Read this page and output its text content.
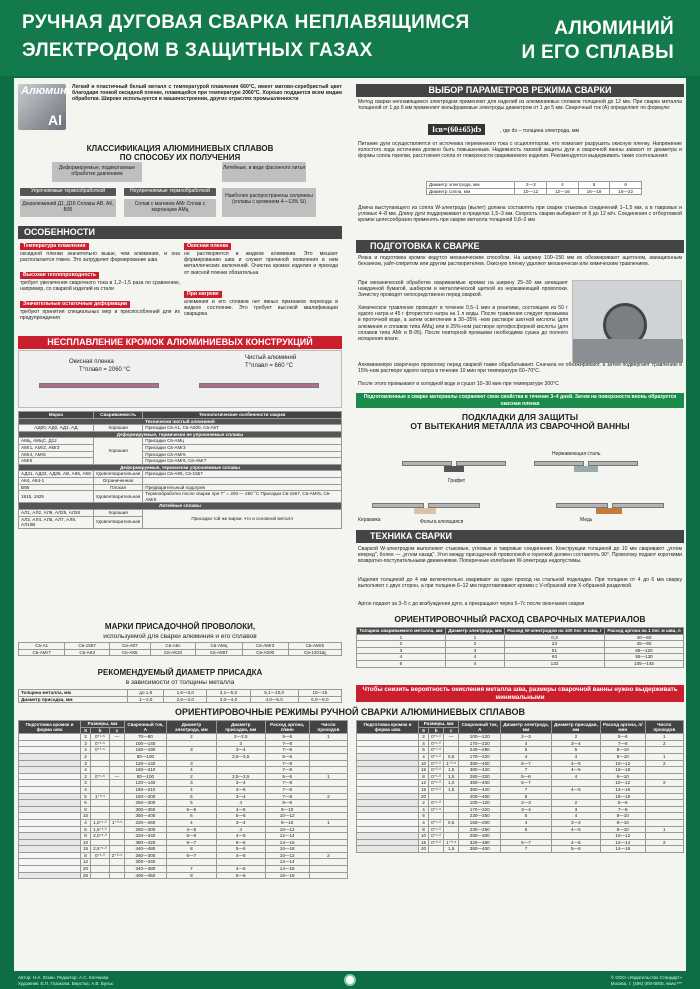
РУЧНАЯ ДУГОВАЯ СВАРКА НЕПЛАВЯЩИМСЯ
ЭЛЕКТРОДОМ В ЗАЩИТНЫХ ГАЗАХ
АЛЮМИНИЙ
И ЕГО СПЛАВЫ
Алюминий
Al
Легкий и пластичный белый металл с температурой плавления 660°С, имеет матово-серебристый цвет благодаря тонкой оксидной пленке, плавящейся при температуре 2060°С. Хорошо поддается всем видам обработки. Широко используется в машиностроении, других отраслях промышленности
КЛАССИФИКАЦИЯ АЛЮМИНИЕВЫХ СПЛАВОВ
ПО СПОСОБУ ИХ ПОЛУЧЕНИЯ
Деформируемые, подвергаемые обработке давлением
Литейные, в виде фасонного литья
Упрочняемые термообработкой	Неупрочняемые термообработкой
Дюралюминий Д1, Д16 Сплавы АВ, АК, В95
Сплав с магнием АМг Сплав с марганцем АМц
Наиболее распространены силумины (сплавы с кремнием 4—13% Si)
ОСОБЕННОСТИ
Температура плавления
оксидной пленки значительно выше, чем алюминия, и она располагается тяжее. Это затрудняет формирование шва
Высокая теплопроводность
требует увеличения сварочного тока в 1,2–1,5 раза по сравнению, например, со сваркой изделий из стали
Значительные остаточные деформации
требуют принятия специальных мер и приспособлений для их предупреждения
Окисная пленка
не растворяется в жидком алюминии. Это мешает формированию шва и служит причиной появления в нем металлических включений. Очистка кромок изделия и прихода от окисной пленки обязательна
При нагреве
алюминия и его сплавов нет явных признаков перехода в жидкое состояние. Это требует высокой квалификации сварщика
НЕСПЛАВЛЕНИЕ КРОМОК АЛЮМИНИЕВЫХ КОНСТРУКЦИЙ
Окисная пленка
Т°плавл = 2060 °С
Чистый алюминий
Т°плавл = 660 °С
Марка	Свариваемость	Технологические особенности сварки
Технически чистый алюминий		
АД00, АД0, АД1, АД	Хорошая	Присадки Св-А1, Св-А000, Св-А5Т
Деформируемые, термически не упрочняемые сплавы		
АМц, АМцС, Д12	Хорошая	Присадки Св-АМц
АМг1, АМг2, АМг3		Присадки Св-АМг3
АМг4, АМг5		Присадки Св-АМг5
АМг6		Присадки Св-АМг6, Св-АМг7
Деформируемые, термически упрочняемые сплавы		
АД31, АД33, АД35, АВ, АК6, АК8	Удовлетворительная	Присадки Св-АК5, Св-1557
АК4, АК4-1	Ограниченная	
В95	Плохая	Предварительный подогрев
1915, 1925	Удовлетворительная	Термообработка после сварки при Т° = 200 — 250 °С Присадки Св-1557, Св-АМг5, Св-АМг6
Литейные сплавы		
АЛ1, АЛ2, АЛ9, АЛ25, АЛ26	Хорошая	Присадки той же марки, что и основной металл
АЛ3, АЛ4, АЛ5, АЛ7, АЛ8, АЛ10В	Удовлетворительная	
МАРКИ ПРИСАДОЧНОЙ ПРОВОЛОКИ,
используемой для сварки алюминия и его сплавов
Св-А1	Св-1557	Св-А97	Св-А5с	Св-АМц	Св-АМг3	Св-АМг5
Св-АМг7	Св-АК3	Св-АК5	Св-АК10	Св-А85Т	Св-А000	Св-1201Щ
РЕКОМЕНДУЕМЫЙ ДИАМЕТР ПРИСАДКА
в зависимости от толщины металла
Толщина металла, мм	до 1,5	1,6—3,0	3,1—5,0	5,1—10,0	10—15
Диаметр присадка, мм	1—2,5	2,5—3,0	3,0—4,0	4,0—6,0	6,0—8,0
ВЫБОР ПАРАМЕТРОВ РЕЖИМА СВАРКИ
Метод сварки неплавящимся электродом применяют для изделий из алюминиевых сплавов толщиной до 12 мм. При сварке металла толщиной от 1 до 6 мм применяют вольфрамовые электроды диаметром от 1 до 5 мм. Сварочный ток (А) определяют по формуле:
Iсв=(60±65)dэ	, где dэ – толщина электрода, мм
Питание дуги осуществляется от источника переменного тока с осциллятором, что помогает разрушить окисную пленку. Напряжение холостого хода источника должно быть повышенным. Надежность газовой защиты дуги и сварочной ванны зависит от диаметра и формы сопла горелки, расстояния сопла от поверхности свариваемого изделия. Рекомендуется выдерживать такие соотношения:
Диаметр электрода, мм	2—3	4	5	6
Диаметр сопла, мм	10—12	12—16	16—18	16—22
Длина выступающего из сопла W-электрода (вылет) должна составлять при сварке стыковых соединений 1–1,5 мм, а в тавровых и угловых 4–8 мм. Длину дуги поддерживают в пределах 1,5–3 мм. Скорость сварки выбирают от 8 до 12 м/ч. Соединения с отбортовкой кромок целесообразно применять при сварке металла толщиной 0,8–2 мм
ПОДГОТОВКА К СВАРКЕ
Резка и подготовка кромок ведутся механическим способом. На ширину 100–150 мм их обезжиривают ацетоном, авиационным бензином, уайт-спиритом или другим растворителем. Окисную пленку удаляют механически или химическим травлением.
При механической обработке свариваемые кромки на ширину 25–30 мм зачищают наждачной бумагой, шабером и металлической щеткой из нержавеющей проволоки. Зачистку проводят непосредственно перед сваркой.
Химическое травление проводят в течение 0,5–1 мин в реактиве, состоящем из 50 г едкого натра и 45 г фтористого натра на 1 л воды. После травления следует промывка в проточной воде, а затем осветление в 30–35% -ном растворе азотной кислоты (для алюминия и сплавов типа АМц) или в 25%-ном растворе ортофосфорной кислоты (для сплавов типа АМг и В-95). После повторной промывки необходима сушка до полного испарения влаги.
Алюминиевую сварочную проволоку перед сваркой также обрабатывают. Сначала ее обезжиривают, а затем подвергают травлению в 15%-ном растворе едкого натра в течение 10 мин при температуре 60–70°С.
После этого промывают в холодной воде и сушат 10–30 мин при температуре 300°С
Подготовленные к сварке материалы сохраняют свои свойства в течение 3–4 дней. Затем на поверхности вновь образуется окисная пленка
ПОДКЛАДКИ ДЛЯ ЗАЩИТЫ
ОТ ВЫТЕКАНИЯ МЕТАЛЛА ИЗ СВАРОЧНОЙ ВАННЫ
Графит
Нержавеющая сталь
Керамика	Фольга клеящаяся	Медь
ТЕХНИКА СВАРКИ
Сваркой W-электродом выполняют стыковые, угловые и тавровые соединения. Конструкции толщиной до 10 мм сваривают „углом вперед", более — „углом назад". Угол между присадочной проволокой и горелкой должен составлять 90°. Проволоку подают короткими возвратно-поступательными движениями. Поперечные колебания W-электрода недопустимы.
Изделия толщиной до 4 мм включительно сваривают за один проход на стальной подкладке. При толщине от 4 до 6 мм сварку выполняют с двух сторон, а при толщине 6–12 мм подготавливают кромки с V-образной или Х-образной разделкой.
Аргон подают за 3–5 с до возбуждения дуги, а прекращают через 5–7с после окончания сварки
ОРИЕНТИРОВОЧНЫЙ РАСХОД СВАРОЧНЫХ МАТЕРИАЛОВ
Толщина свариваемого металла, мм	Диаметр электрода, мм	Расход W-электродов на 100 пог. м шва, г	Расход аргона на 1 пог. м шва, л
1	1	0,3	40—60
2	2	23	45—90
3	3	51	65—120
4	4	93	55—130
6	4	132	105—145
Чтобы снизить вероятность окисления металла шва, размеры сварочной ванны нужно выдерживать минимальными
ОРИЕНТИРОВОЧНЫЕ РЕЖИМЫ РУЧНОЙ СВАРКИ АЛЮМИНИЕВЫХ СПЛАВОВ
Подготовка кромок и форма шва	Размеры, мм			Сварочный ток, А	Диаметр электрода, мм	Диаметр присадки, мм	Расход аргона, л/мин	Число проходов
	S	b	c					
	2	0⁺¹·⁵	—	70—80	2	2—2,5	5—6	1
	3	0⁺¹·⁵		100—140		3	7—8	
	4	0⁺¹·⁵		160—190	3	3—4	7—8	
	2			80—100		2,5—3,5	5—6	
	3			120—140	3		7—8	
	4			160—210	4		7—8	
	2	0⁺¹·⁵	—	80—100	2	2,5—3,5	5—6	1
	3			120—140	3	3—4	7—8	
	4			160—210	4	4—5	7—8	
	5	1⁺⁰·⁵		150—200	6	3—4	7—8	2
	6			250—300	5	4	8—9	
	8			300—350	5—6	4—5	9—10	
	10			350—400	6	5—6	10—12	
	4	1,0⁺¹·⁰	1⁺⁰·⁵	220—260	4	3—4	8—10	1
	6	1,5⁺¹·⁰		260—300	4—5	4	10—12	
	8	2,0⁺¹·⁰		320—340	5—6	4—5	12—14	
	10			380—420	6—7	5—6	14—16	
	15	2,5⁺¹·⁰		440—480	8	5—6	16—18	
	8	0⁺¹·⁰	2⁺⁰·⁵	260—300	6—7	4—5	10—12	2
	12			300—340			12—14	
	20			340—380	7	4—5	14—16	
	25			400—450	8	5—6	16—18	
Подготовка кромок и форма шва	Размеры, мм			Сварочный ток, А	Диаметр электрода, мм	Диаметр присадки, мм	Расход аргона, л/мин	Число проходов
	S	b	c					
	2	0⁺¹·⁰	—	100—120	2—3	2	5—6	1
	4	0⁺¹·⁰		170—220	4	3—4	7—8	2
	6	0⁺¹·⁵		240—280	5	5	8—10	
	4	0⁺¹·⁰	0,5	170—220	4	4	8—10	1
	10	0⁺¹·⁰	1⁺⁰·⁵	350—400	6—7	4—5	10—12	2
	15	0⁺²·⁰	1,5	380—420	7	4—5	16—18	
	8	0⁺¹·⁰	1,5	280—320	5—6	4	8—10	
	12	0⁺¹·⁰	1,0	350—400	6—7		10—12	2
	15	0⁺²·⁰	1,5	380—420	7	4—5	14—16	
	20			400—450	8		16—18	
	2	0⁺¹·⁰		100—120	2—3	2	5—6	
	4	0⁺¹·⁵		170—220	3—4	3	7—8	
	6			230—250	5	4	8—10	
	4	0⁺¹·⁰	0,5	150—200	4	3—4	8—10	
	8	0⁺¹·⁰		230—250	5	4—5	8—10	1
	10	0⁺¹·⁰		250—300			10—12	
	15	0⁺²·⁰	1⁺⁰·⁵	320—380	6—7	4—5	12—14	2
	20		1,5	360—400	7	5—6	14—16	
Автор: Н.А. Юхин. Редактор: А.С. Клочкова
Художник: Е.П. Глазкова. Верстка: А.В. Бульк
© ООО «Издательство Стандарт»
Москва, т. (495) 000-0000, www.***
